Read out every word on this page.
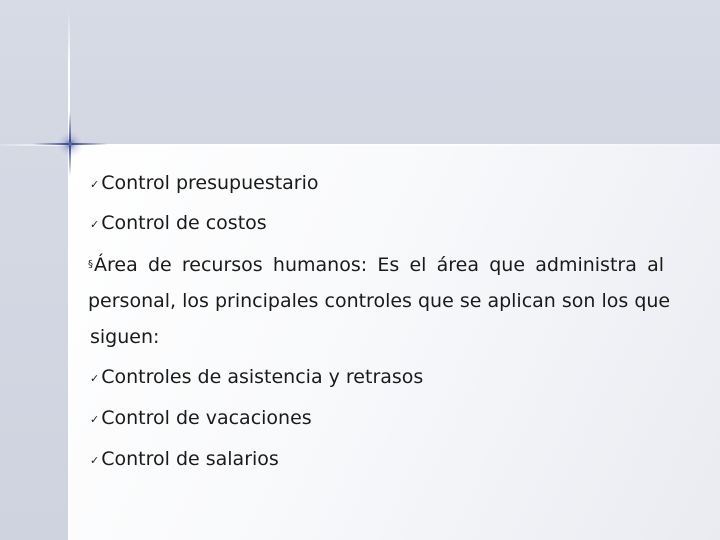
✓ Control presupuestario
✓ Control de costos
§Área de recursos humanos: Es el área que administra al
personal, los principales controles que se aplican son los que
siguen:
✓ Controles de asistencia y retrasos
✓ Control de vacaciones
✓ Control de salarios
